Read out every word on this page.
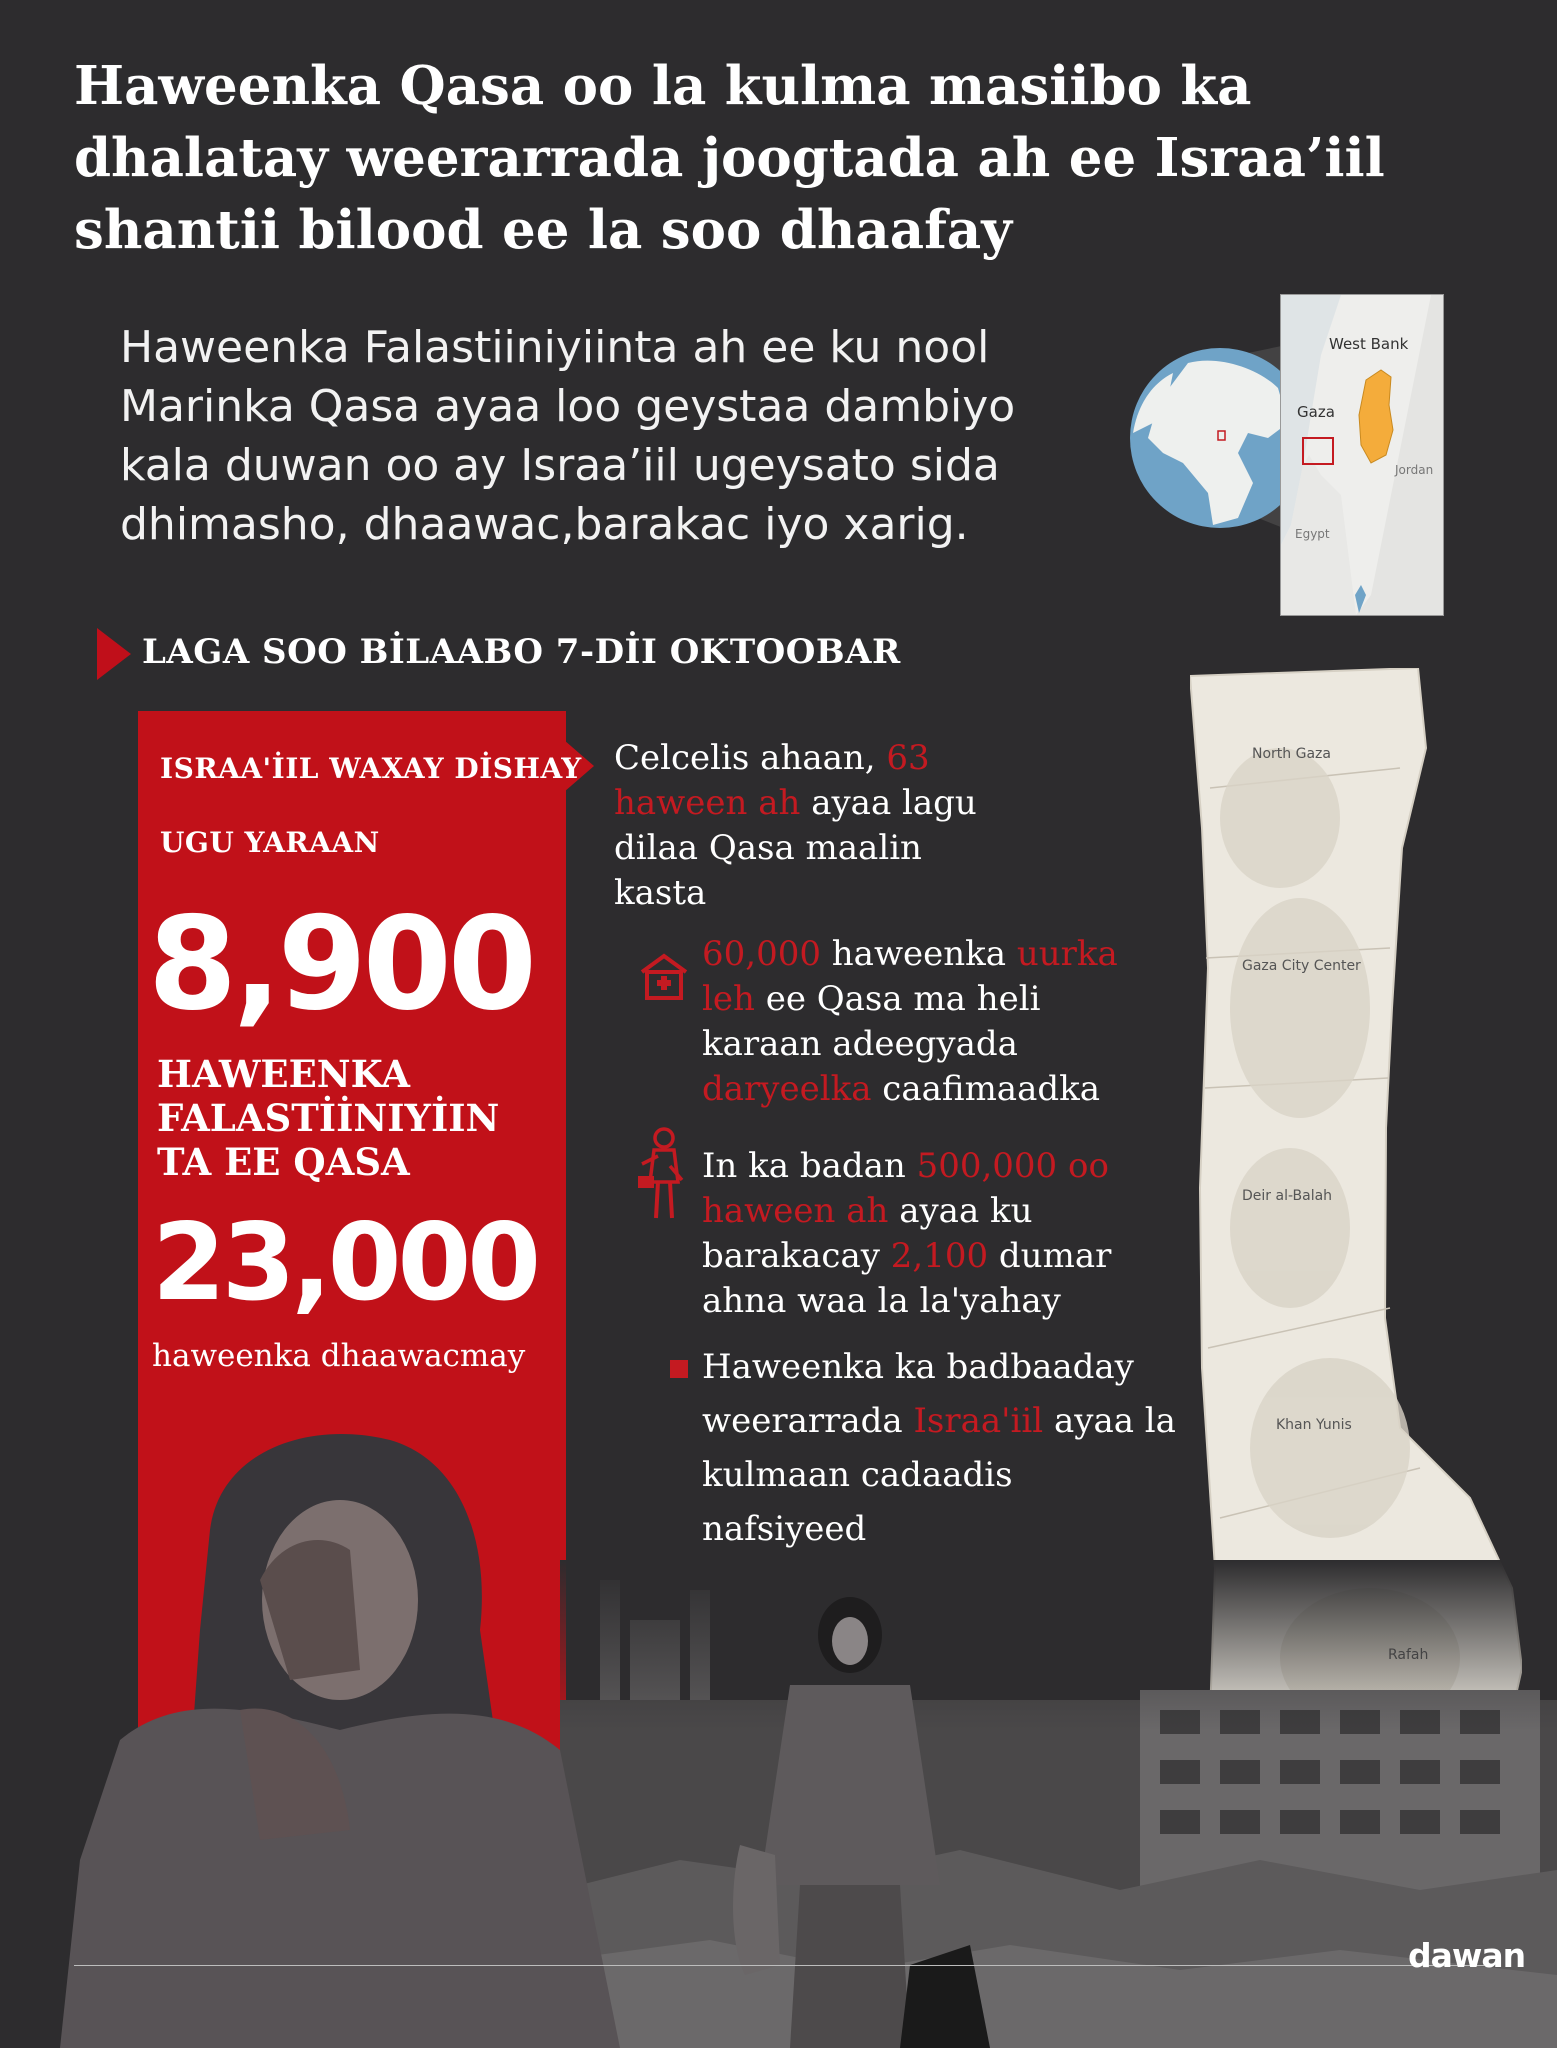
Haweenka Qasa oo la kulma masiibo ka dhalatay weerarrada joogtada ah ee Israa’iil shantii bilood ee la soo dhaafay

Haweenka Falastiiniyiinta ah ee ku nool Marinka Qasa ayaa loo geystaa dambiyo kala duwan oo ay Israa’iil ugeysato sida dhimasho, dhaawac,barakac iyo xarig.

West Bank
Gaza
Jordan
Egypt
LAGA SOO BİLAABO 7-DİI OKTOOBAR
ISRAA'İIL WAXAY DİSHAY
UGU YARAAN
8,900
HAWEENKA FALASTİİNIYİIN TA EE QASA
23,000
haweenka dhaawacmay

Celcelis ahaan, 63 haween ah ayaa lagu dilaa Qasa maalin kasta

60,000 haweenka uurka leh ee Qasa ma heli karaan adeegyada daryeelka caafimaadka

In ka badan 500,000 oo haween ah ayaa ku barakacay 2,100 dumar ahna waa la la'yahay

Haweenka ka badbaaday weerarrada Israa'iil ayaa la kulmaan cadaadis nafsiyeed

North Gaza
Gaza City Center
Deir al-Balah
Khan Yunis
dawan
